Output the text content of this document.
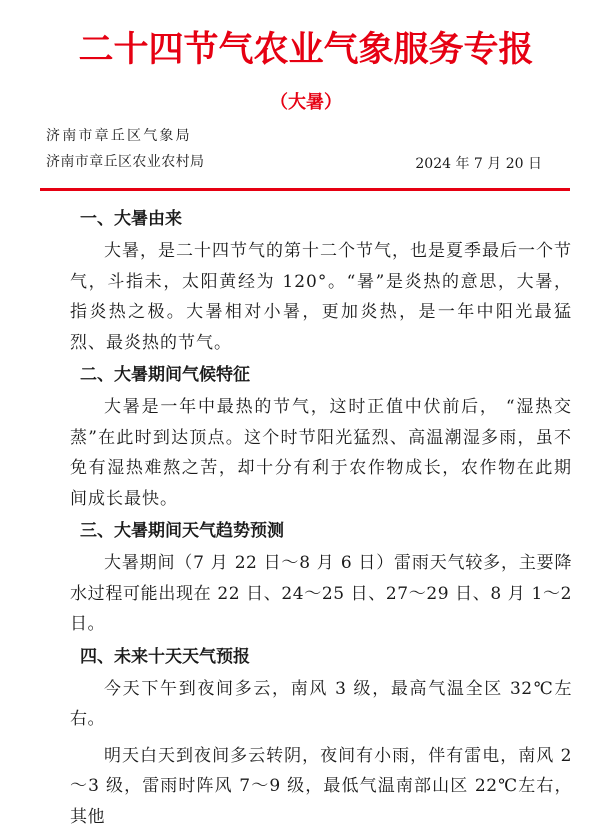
二十四节气农业气象服务专报
（大暑）
济南市章丘区气象局
济南市章丘区农业农村局	2024 年 7 月 20 日
一、大暑由来

大暑，是二十四节气的第十二个节气，也是夏季最后一个节气，斗指未，太阳黄经为 120°。“暑”是炎热的意思，大暑，指炎热之极。大暑相对小暑，更加炎热，是一年中阳光最猛烈、最炎热的节气。

二、大暑期间气候特征

大暑是一年中最热的节气，这时正值中伏前后， “湿热交蒸”在此时到达顶点。这个时节阳光猛烈、高温潮湿多雨，虽不免有湿热难熬之苦，却十分有利于农作物成长，农作物在此期间成长最快。

三、大暑期间天气趋势预测

大暑期间（7 月 22 日～8 月 6 日）雷雨天气较多，主要降水过程可能出现在 22 日、24～25 日、27～29 日、8 月 1～2 日。

四、未来十天天气预报

今天下午到夜间多云，南风 3 级，最高气温全区 32℃左右。

明天白天到夜间多云转阴，夜间有小雨，伴有雷电，南风 2～3 级，雷雨时阵风 7～9 级，最低气温南部山区 22℃左右，其他
